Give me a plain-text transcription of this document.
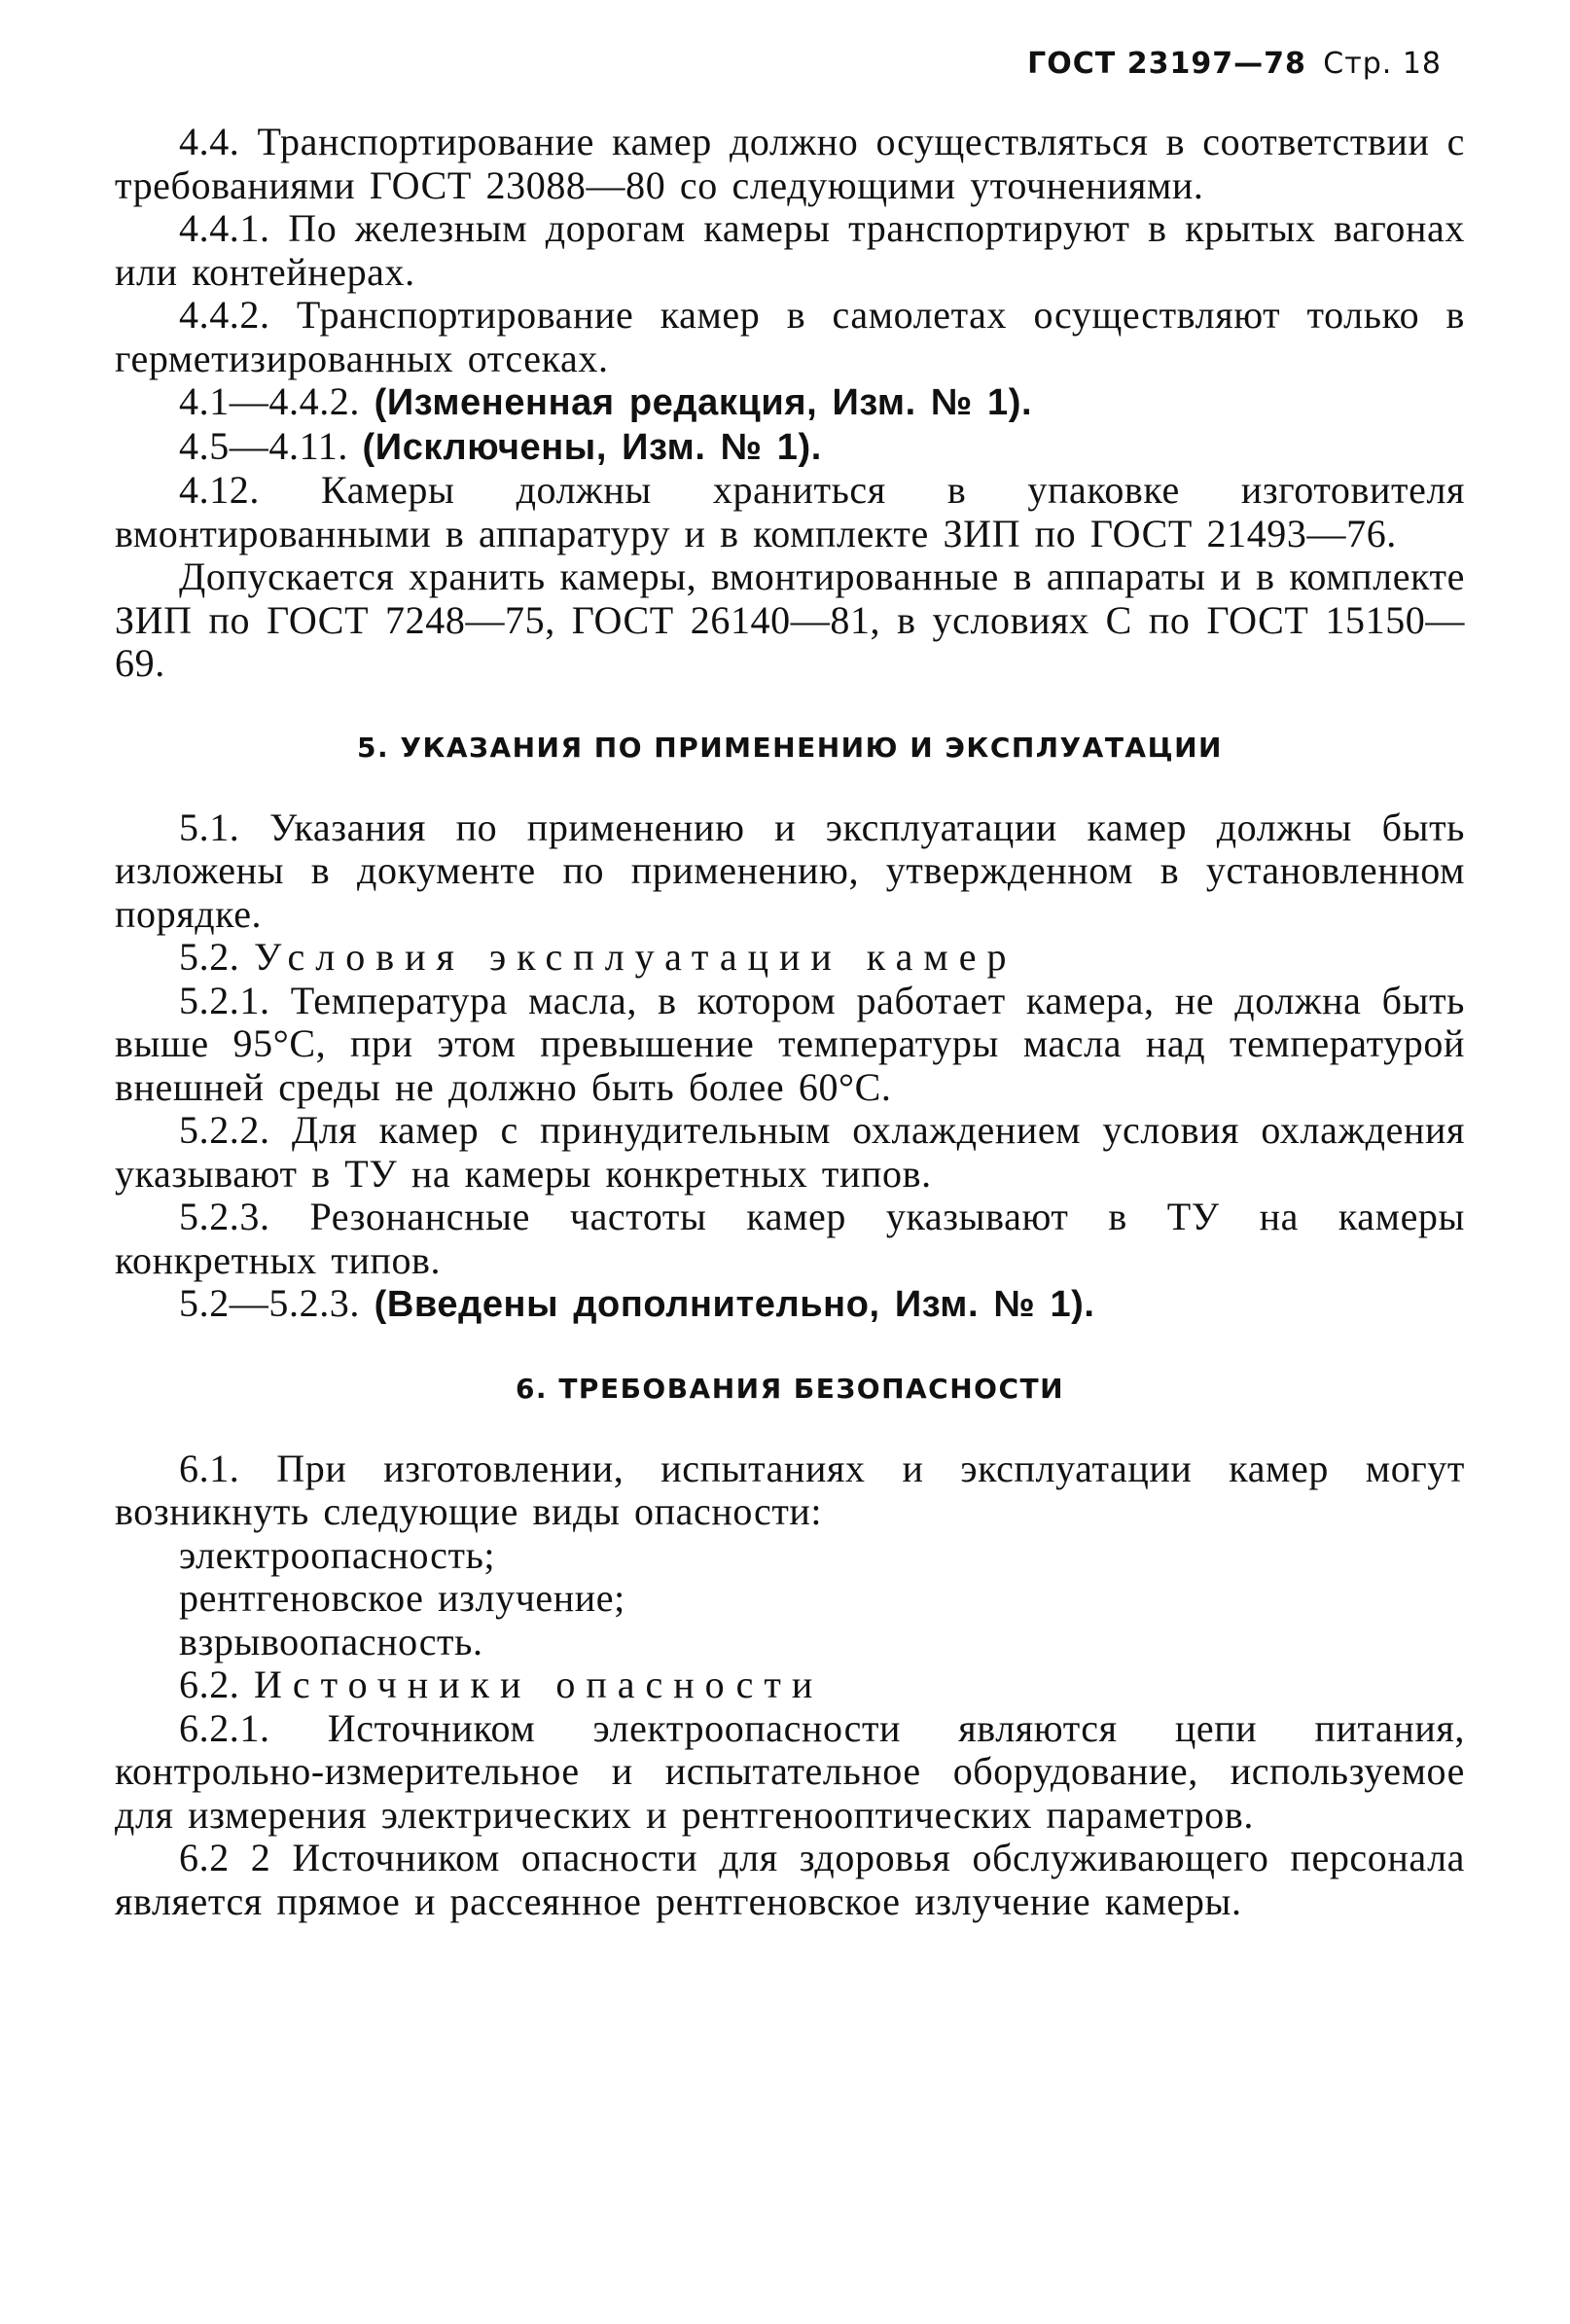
ГОСТ 23197—78 Стр. 18

4.4. Транспортирование камер должно осуществляться в соответствии с требованиями ГОСТ 23088—80 со следующими уточнениями.

4.4.1. По железным дорогам камеры транспортируют в крытых вагонах или контейнерах.

4.4.2. Транспортирование камер в самолетах осуществляют только в герметизированных отсеках.

4.1—4.4.2. (Измененная редакция, Изм. № 1).

4.5—4.11. (Исключены, Изм. № 1).

4.12. Камеры должны храниться в упаковке изготовителя вмонтированными в аппаратуру и в комплекте ЗИП по ГОСТ 21493—76.

Допускается хранить камеры, вмонтированные в аппараты и в комплекте ЗИП по ГОСТ 7248—75, ГОСТ 26140—81, в условиях С по ГОСТ 15150—69.

5. УКАЗАНИЯ ПО ПРИМЕНЕНИЮ И ЭКСПЛУАТАЦИИ

5.1. Указания по применению и эксплуатации камер должны быть изложены в документе по применению, утвержденном в установленном порядке.

5.2. Условия эксплуатации камер

5.2.1. Температура масла, в котором работает камера, не должна быть выше 95°С, при этом превышение температуры масла над температурой внешней среды не должно быть более 60°С.

5.2.2. Для камер с принудительным охлаждением условия охлаждения указывают в ТУ на камеры конкретных типов.

5.2.3. Резонансные частоты камер указывают в ТУ на камеры конкретных типов.

5.2—5.2.3. (Введены дополнительно, Изм. № 1).

6. ТРЕБОВАНИЯ БЕЗОПАСНОСТИ

6.1. При изготовлении, испытаниях и эксплуатации камер могут возникнуть следующие виды опасности:

электроопасность;

рентгеновское излучение;

взрывоопасность.

6.2. Источники опасности

6.2.1. Источником электроопасности являются цепи питания, контрольно-измерительное и испытательное оборудование, используемое для измерения электрических и рентгенооптических параметров.

6.2 2 Источником опасности для здоровья обслуживающего персонала является прямое и рассеянное рентгеновское излучение камеры.
